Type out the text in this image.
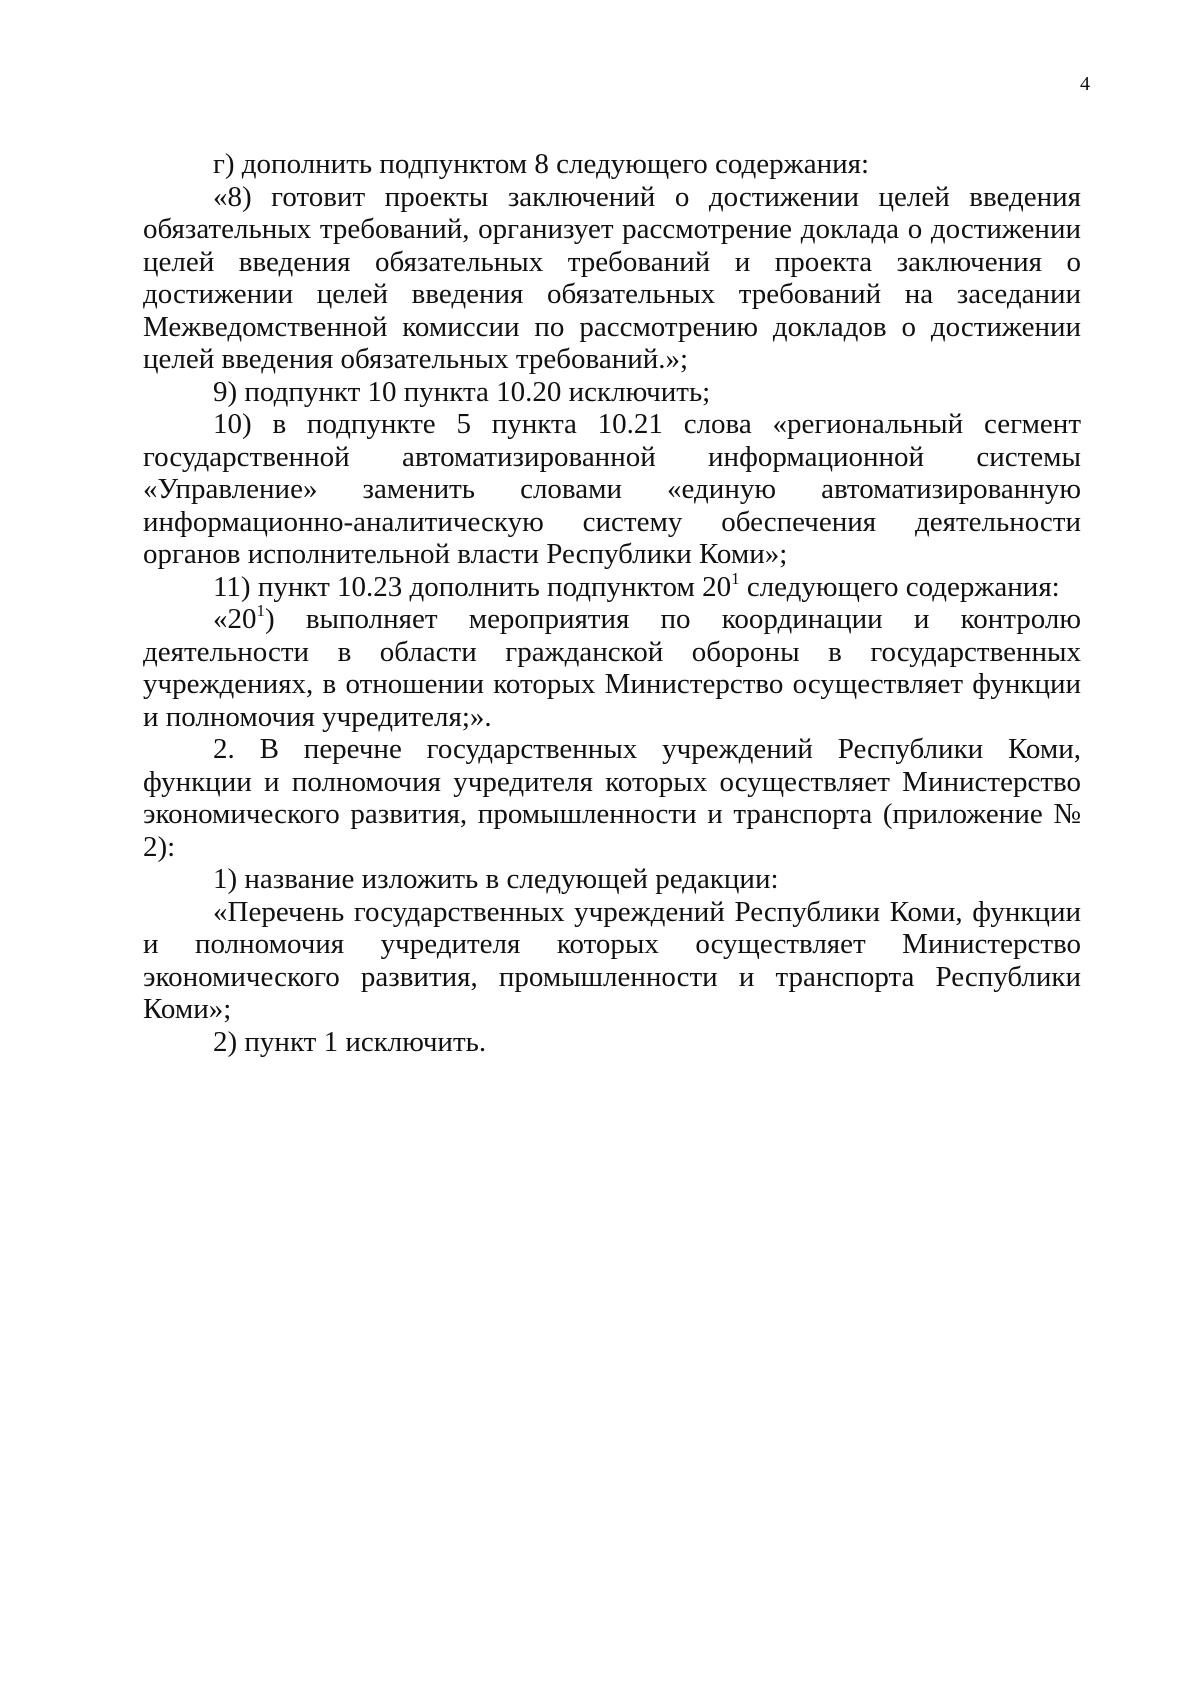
4

г) дополнить подпунктом 8 следующего содержания:

«8) готовит проекты заключений о достижении целей введения обязательных требований, организует рассмотрение доклада о достижении целей введения обязательных требований и проекта заключения о достижении целей введения обязательных требований на заседании Межведомственной комиссии по рассмотрению докладов о достижении целей введения обязательных требований.»;

9) подпункт 10 пункта 10.20 исключить;

10) в подпункте 5 пункта 10.21 слова «региональный сегмент государственной автоматизированной информационной системы «Управление» заменить словами «единую автоматизированную информационно-аналитическую систему обеспечения деятельности органов исполнительной власти Республики Коми»;

11) пункт 10.23 дополнить подпунктом $20^1$ следующего содержания:

«$20^1$) выполняет мероприятия по координации и контролю деятельности в области гражданской обороны в государственных учреждениях, в отношении которых Министерство осуществляет функции и полномочия учредителя;».

2. В перечне государственных учреждений Республики Коми, функции и полномочия учредителя которых осуществляет Министерство экономического развития, промышленности и транспорта (приложение № 2):

1) название изложить в следующей редакции:

«Перечень государственных учреждений Республики Коми, функции и полномочия учредителя которых осуществляет Министерство экономического развития, промышленности и транспорта Республики Коми»;

2) пункт 1 исключить.
